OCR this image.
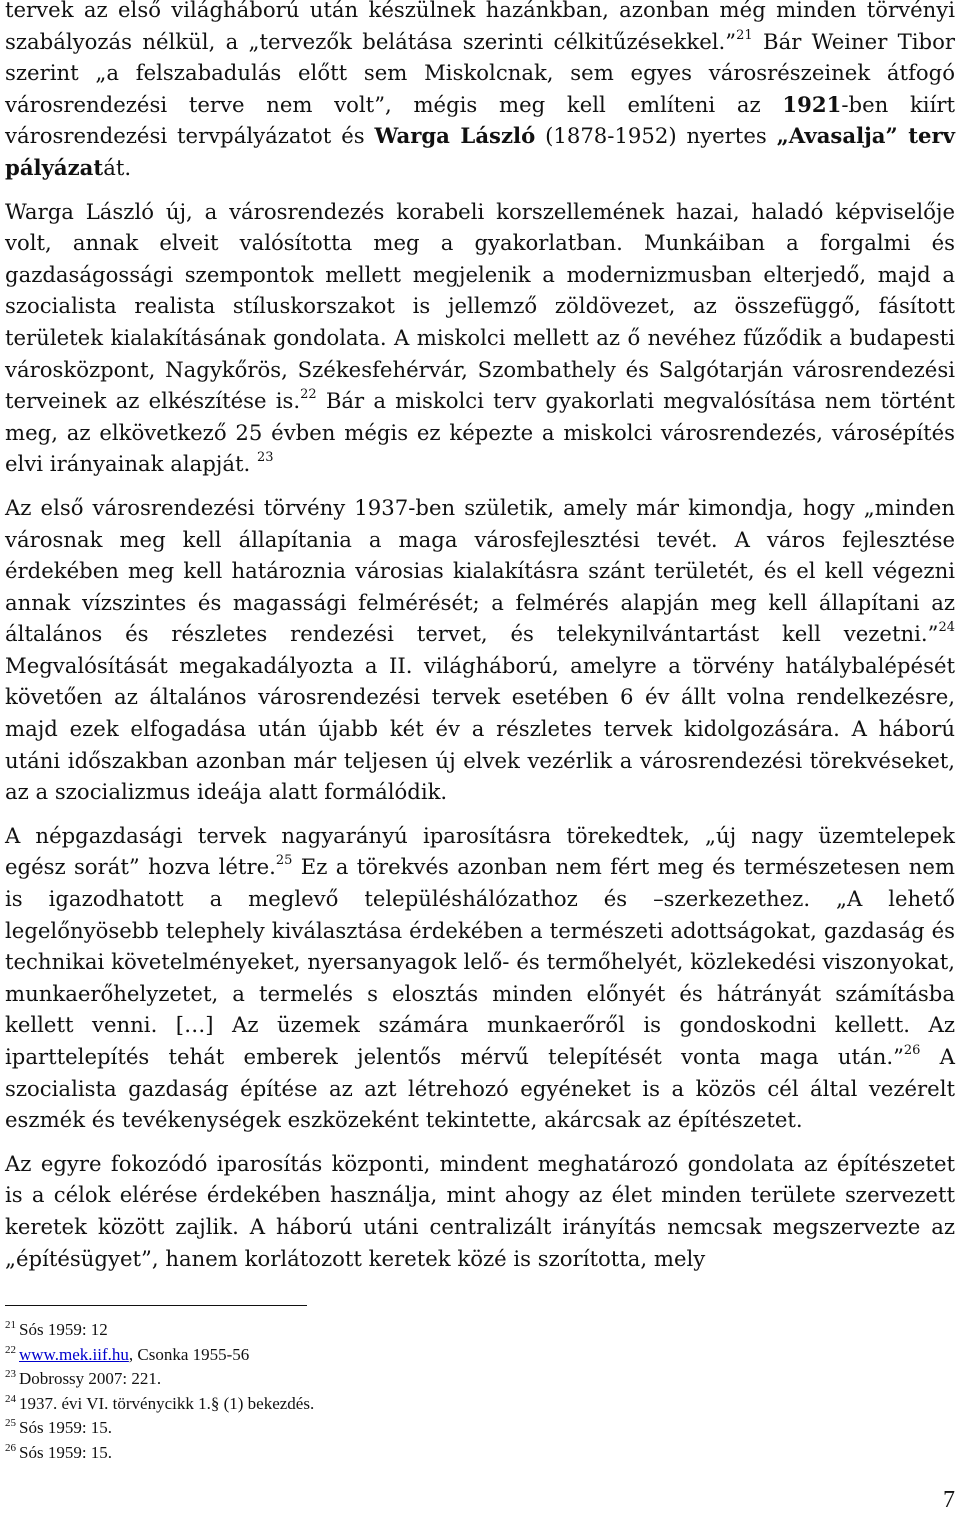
tervek az első világháború után készülnek hazánkban, azonban még minden törvényi szabályozás nélkül, a „tervezők belátása szerinti célkitűzésekkel.”$^{21}$ Bár Weiner Tibor szerint „a felszabadulás előtt sem Miskolcnak, sem egyes városrészeinek átfogó városrendezési terve nem volt”, mégis meg kell említeni az 1921-ben kiírt városrendezési tervpályázatot és Warga László (1878-1952) nyertes „Avasalja” terv pályázatát.

Warga László új, a városrendezés korabeli korszellemének hazai, haladó képviselője volt, annak elveit valósította meg a gyakorlatban. Munkáiban a forgalmi és gazdaságossági szempontok mellett megjelenik a modernizmusban elterjedő, majd a szocialista realista stíluskorszakot is jellemző zöldövezet, az összefüggő, fásított területek kialakításának gondolata. A miskolci mellett az ő nevéhez fűződik a budapesti városközpont, Nagykőrös, Székesfehérvár, Szombathely és Salgótarján városrendezési terveinek az elkészítése is.$^{22}$ Bár a miskolci terv gyakorlati megvalósítása nem történt meg, az elkövetkező 25 évben mégis ez képezte a miskolci városrendezés, városépítés elvi irányainak alapját. $^{23}$

Az első városrendezési törvény 1937-ben születik, amely már kimondja, hogy „minden városnak meg kell állapítania a maga városfejlesztési tevét. A város fejlesztése érdekében meg kell határoznia városias kialakításra szánt területét, és el kell végezni annak vízszintes és magassági felmérését; a felmérés alapján meg kell állapítani az általános és részletes rendezési tervet, és telekynilvántartást kell vezetni.”$^{24}$ Megvalósítását megakadályozta a II. világháború, amelyre a törvény hatálybalépését követően az általános városrendezési tervek esetében 6 év állt volna rendelkezésre, majd ezek elfogadása után újabb két év a részletes tervek kidolgozására. A háború utáni időszakban azonban már teljesen új elvek vezérlik a városrendezési törekvéseket, az a szocializmus ideája alatt formálódik.

A népgazdasági tervek nagyarányú iparosításra törekedtek, „új nagy üzemtelepek egész sorát” hozva létre.$^{25}$ Ez a törekvés azonban nem fért meg és természetesen nem is igazodhatott a meglevő településhálózathoz és –szerkezethez. „A lehető legelőnyösebb telephely kiválasztása érdekében a természeti adottságokat, gazdaság és technikai követelményeket, nyersanyagok lelő- és termőhelyét, közlekedési viszonyokat, munkaerőhelyzetet, a termelés s elosztás minden előnyét és hátrányát számításba kellett venni. […] Az üzemek számára munkaerőről is gondoskodni kellett. Az iparttelepítés tehát emberek jelentős mérvű telepítését vonta maga után.”$^{26}$ A szocialista gazdaság építése az azt létrehozó egyéneket is a közös cél által vezérelt eszmék és tevékenységek eszközeként tekintette, akárcsak az építészetet.

Az egyre fokozódó iparosítás központi, mindent meghatározó gondolata az építészetet is a célok elérése érdekében használja, mint ahogy az élet minden területe szervezett keretek között zajlik. A háború utáni centralizált irányítás nemcsak megszervezte az „építésügyet”, hanem korlátozott keretek közé is szorította, mely

$^{21}$ Sós 1959: 12

$^{22}$ www.mek.iif.hu, Csonka 1955-56

$^{23}$ Dobrossy 2007: 221.

$^{24}$ 1937. évi VI. törvénycikk 1.§ (1) bekezdés.

$^{25}$ Sós 1959: 15.

$^{26}$ Sós 1959: 15.

7
